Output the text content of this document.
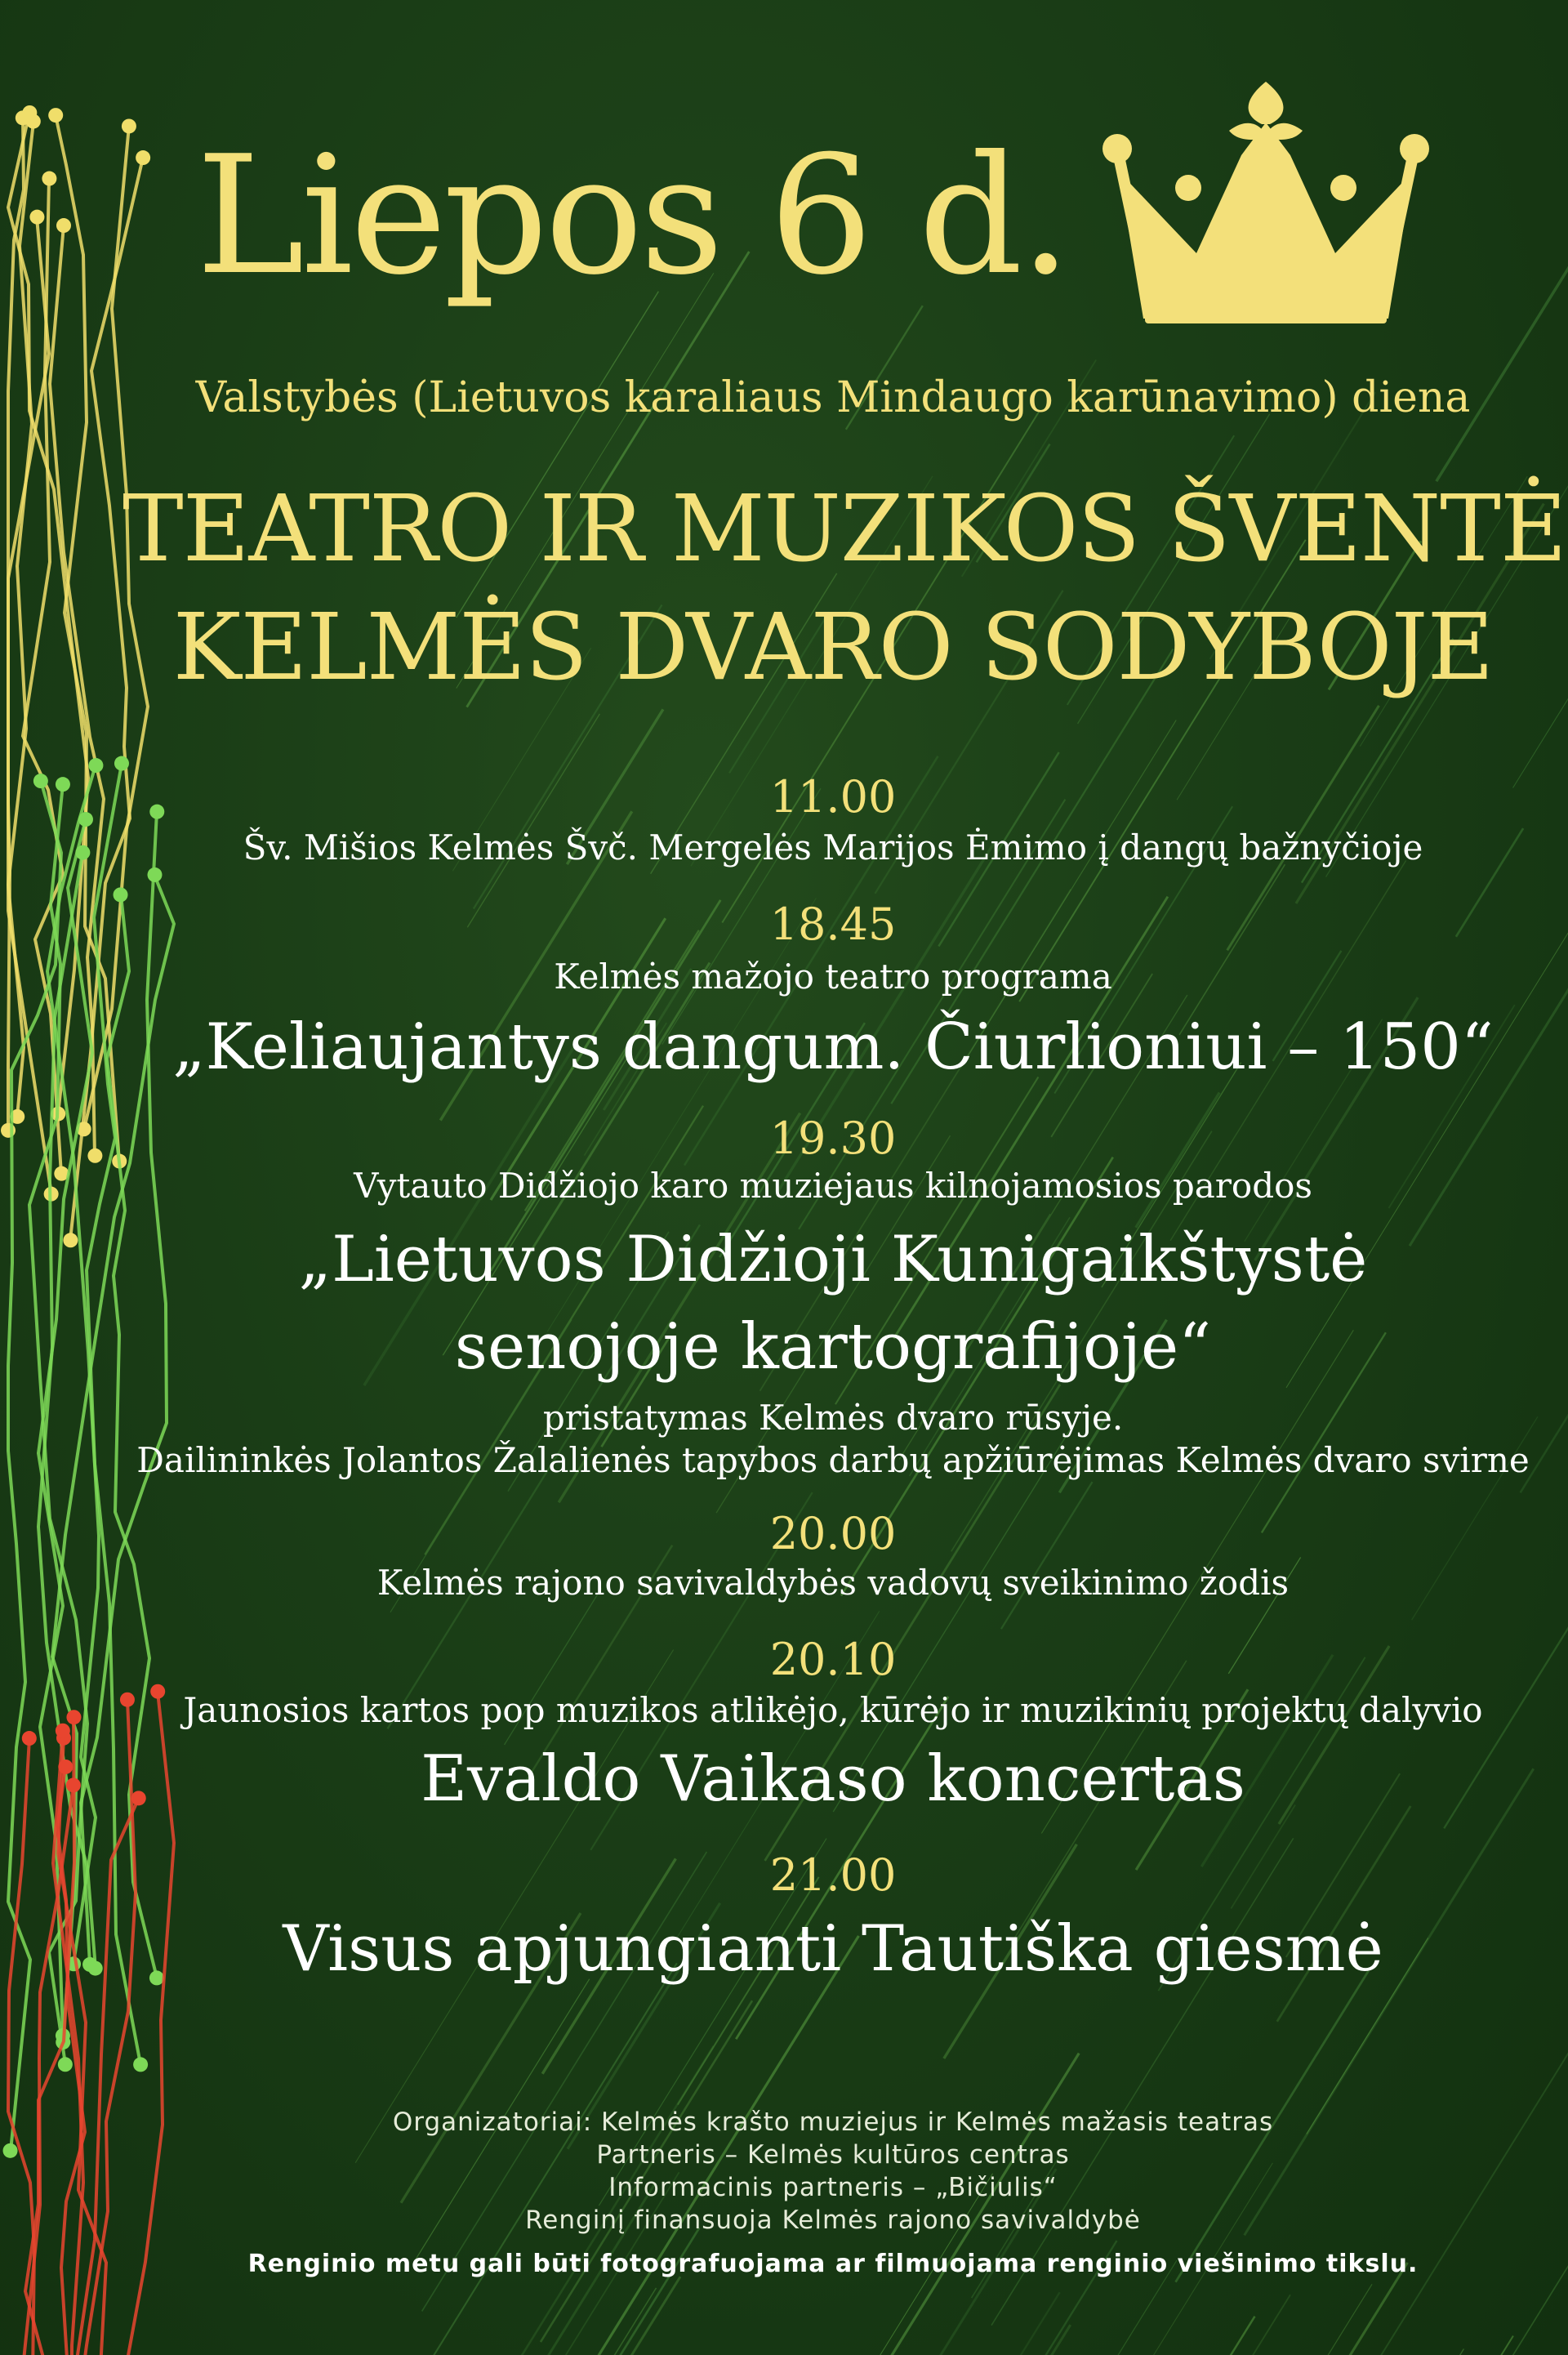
Liepos 6 d.
Valstybės (Lietuvos karaliaus Mindaugo karūnavimo) diena
TEATRO IR MUZIKOS ŠVENTĖ
KELMĖS DVARO SODYBOJE
11.00
Šv. Mišios Kelmės Švč. Mergelės Marijos Ėmimo į dangų bažnyčioje
18.45
Kelmės mažojo teatro programa
„Keliaujantys dangum. Čiurlioniui – 150“
19.30
Vytauto Didžiojo karo muziejaus kilnojamosios parodos
„Lietuvos Didžioji Kunigaikštystė
senojoje kartografijoje“
pristatymas Kelmės dvaro rūsyje.
Dailininkės Jolantos Žalalienės tapybos darbų apžiūrėjimas Kelmės dvaro svirne
20.00
Kelmės rajono savivaldybės vadovų sveikinimo žodis
20.10
Jaunosios kartos pop muzikos atlikėjo, kūrėjo ir muzikinių projektų dalyvio
Evaldo Vaikaso koncertas
21.00
Visus apjungianti Tautiška giesmė
Organizatoriai: Kelmės krašto muziejus ir Kelmės mažasis teatras
Partneris – Kelmės kultūros centras
Informacinis partneris – „Bičiulis“
Renginį finansuoja Kelmės rajono savivaldybė
Renginio metu gali būti fotografuojama ar filmuojama renginio viešinimo tikslu.
